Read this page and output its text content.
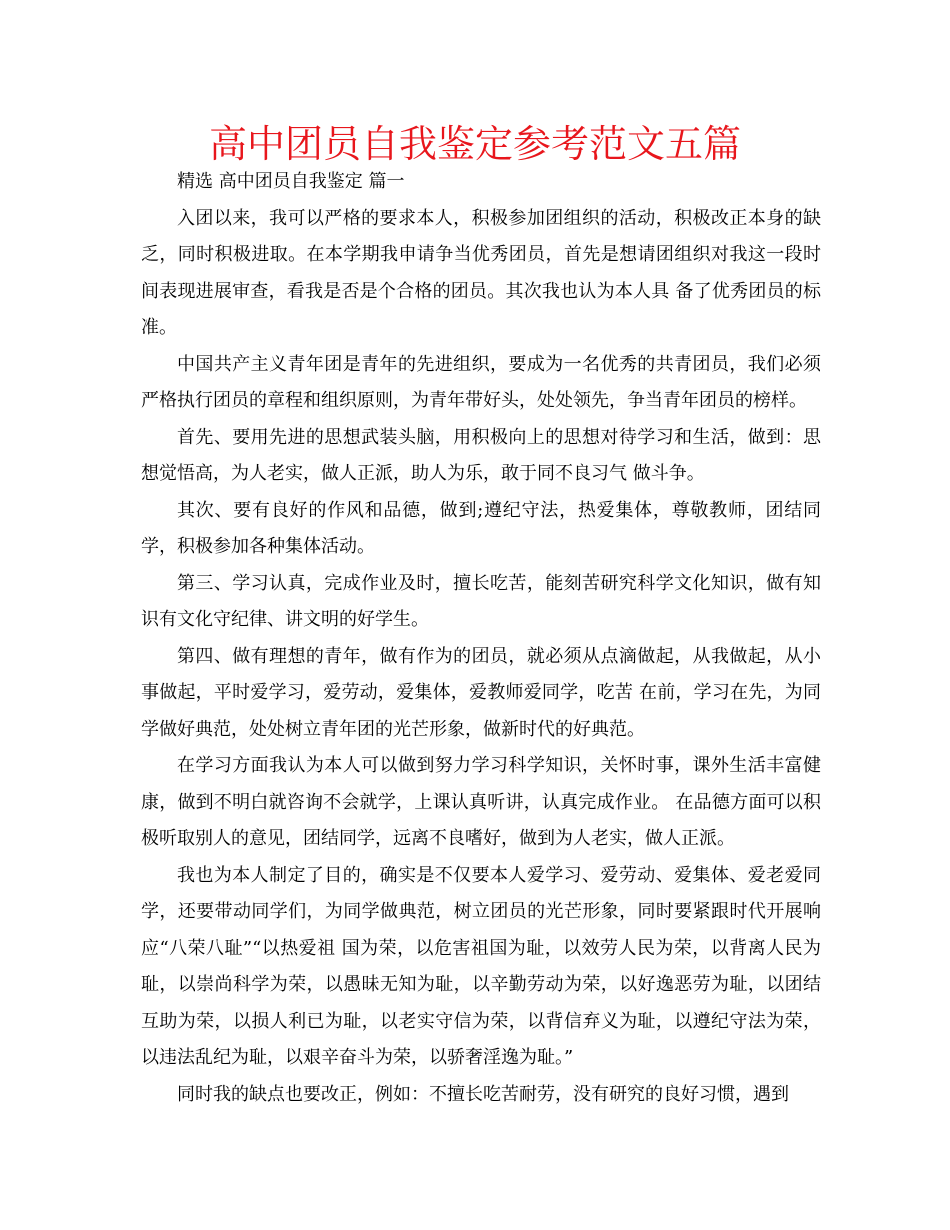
高中团员自我鉴定参考范文五篇

精选 高中团员自我鉴定 篇一

入团以来，我可以严格的要求本人，积极参加团组织的活动，积极改正本身的缺乏，同时积极进取。在本学期我申请争当优秀团员，首先是想请团组织对我这一段时间表现进展审查，看我是否是个合格的团员。其次我也认为本人具 备了优秀团员的标准。

中国共产主义青年团是青年的先进组织，要成为一名优秀的共青团员，我们必须严格执行团员的章程和组织原则，为青年带好头，处处领先，争当青年团员的榜样。

首先、要用先进的思想武装头脑，用积极向上的思想对待学习和生活，做到：思想觉悟高，为人老实，做人正派，助人为乐，敢于同不良习气 做斗争。

其次、要有良好的作风和品德，做到;遵纪守法，热爱集体，尊敬教师，团结同学，积极参加各种集体活动。

第三、学习认真，完成作业及时，擅长吃苦，能刻苦研究科学文化知识，做有知识有文化守纪律、讲文明的好学生。

第四、做有理想的青年，做有作为的团员，就必须从点滴做起，从我做起，从小事做起，平时爱学习，爱劳动，爱集体，爱教师爱同学，吃苦 在前，学习在先，为同学做好典范，处处树立青年团的光芒形象，做新时代的好典范。

在学习方面我认为本人可以做到努力学习科学知识，关怀时事，课外生活丰富健康，做到不明白就咨询不会就学，上课认真听讲，认真完成作业。 在品德方面可以积极听取别人的意见，团结同学，远离不良嗜好，做到为人老实，做人正派。

我也为本人制定了目的，确实是不仅要本人爱学习、爱劳动、爱集体、爱老爱同学，还要带动同学们，为同学做典范，树立团员的光芒形象，同时要紧跟时代开展响应“八荣八耻”“以热爱祖 国为荣，以危害祖国为耻，以效劳人民为荣，以背离人民为耻，以崇尚科学为荣，以愚昧无知为耻，以辛勤劳动为荣，以好逸恶劳为耻，以团结互助为荣，以损人利已为耻，以老实守信为荣，以背信弃义为耻，以遵纪守法为荣，以违法乱纪为耻，以艰辛奋斗为荣，以骄奢淫逸为耻。”

同时我的缺点也要改正，例如：不擅长吃苦耐劳，没有研究的良好习惯，遇到
